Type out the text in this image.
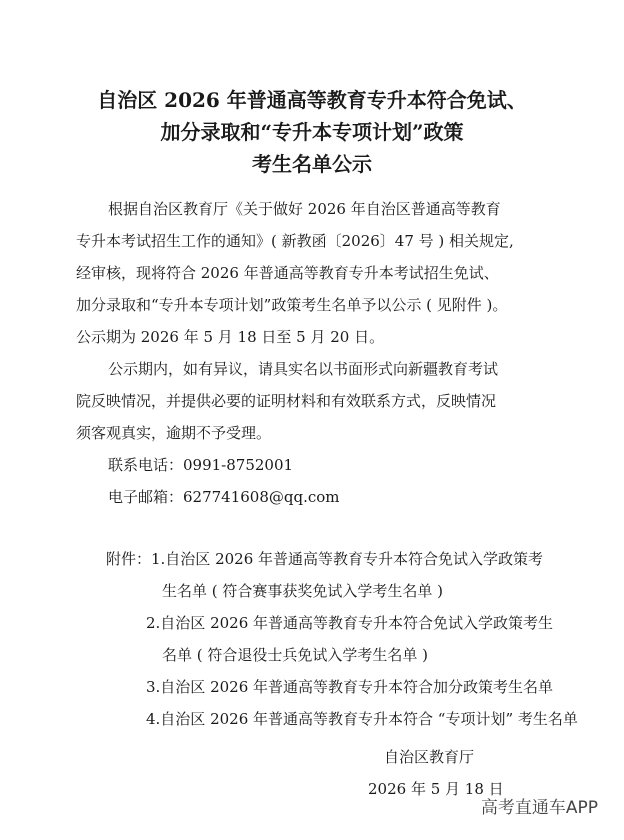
自治区 2026 年普通高等教育专升本符合免试、
加分录取和“专升本专项计划”政策
考生名单公示
根据自治区教育厅《关于做好 2026 年自治区普通高等教育
专升本考试招生工作的通知》( 新教函〔2026〕47 号 ) 相关规定,
经审核，现将符合 2026 年普通高等教育专升本考试招生免试、
加分录取和“专升本专项计划”政策考生名单予以公示 ( 见附件 )。
公示期为 2026 年 5 月 18 日至 5 月 20 日。
公示期内，如有异议，请具实名以书面形式向新疆教育考试
院反映情况，并提供必要的证明材料和有效联系方式，反映情况
须客观真实，逾期不予受理。
联系电话：0991-8752001
电子邮箱：627741608@qq.com
附件：1.自治区 2026 年普通高等教育专升本符合免试入学政策考
生名单 ( 符合赛事获奖免试入学考生名单 )
2.自治区 2026 年普通高等教育专升本符合免试入学政策考生
名单 ( 符合退役士兵免试入学考生名单 )
3.自治区 2026 年普通高等教育专升本符合加分政策考生名单
4.自治区 2026 年普通高等教育专升本符合 “专项计划” 考生名单
自治区教育厅
2026 年 5 月 18 日
高考直通车APP
